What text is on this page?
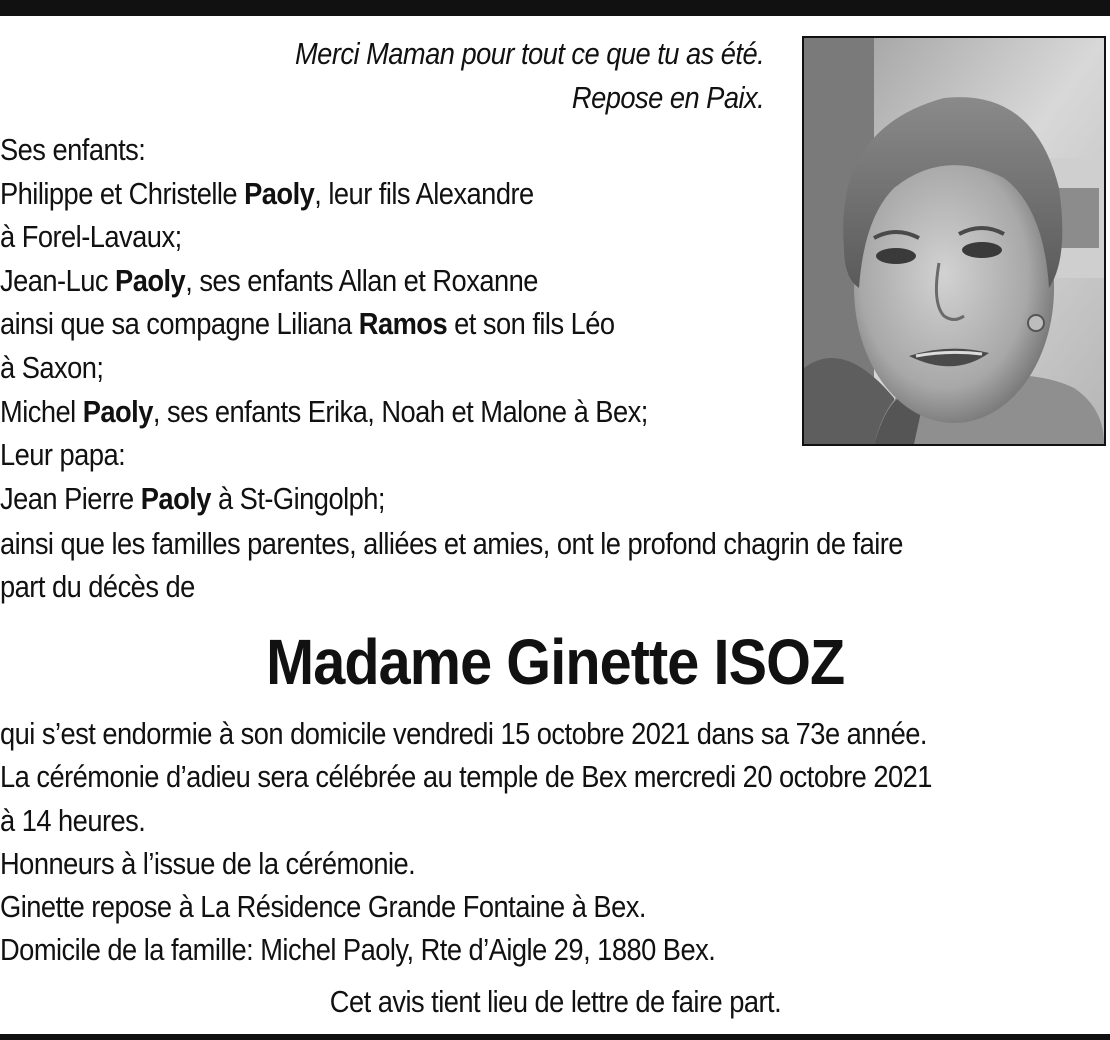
Merci Maman pour tout ce que tu as été.
Repose en Paix.
Ses enfants:
Philippe et Christelle Paoly, leur fils Alexandre
à Forel-Lavaux;
Jean-Luc Paoly, ses enfants Allan et Roxanne
ainsi que sa compagne Liliana Ramos et son fils Léo
à Saxon;
Michel Paoly, ses enfants Erika, Noah et Malone à Bex;
Leur papa:
Jean Pierre Paoly à St-Gingolph;
ainsi que les familles parentes, alliées et amies, ont le profond chagrin de faire
part du décès de
Madame Ginette ISOZ
qui s’est endormie à son domicile vendredi 15 octobre 2021 dans sa 73e année.
La cérémonie d’adieu sera célébrée au temple de Bex mercredi 20 octobre 2021
à 14 heures.
Honneurs à l’issue de la cérémonie.
Ginette repose à La Résidence Grande Fontaine à Bex.
Domicile de la famille: Michel Paoly, Rte d’Aigle 29, 1880 Bex.
Cet avis tient lieu de lettre de faire part.
